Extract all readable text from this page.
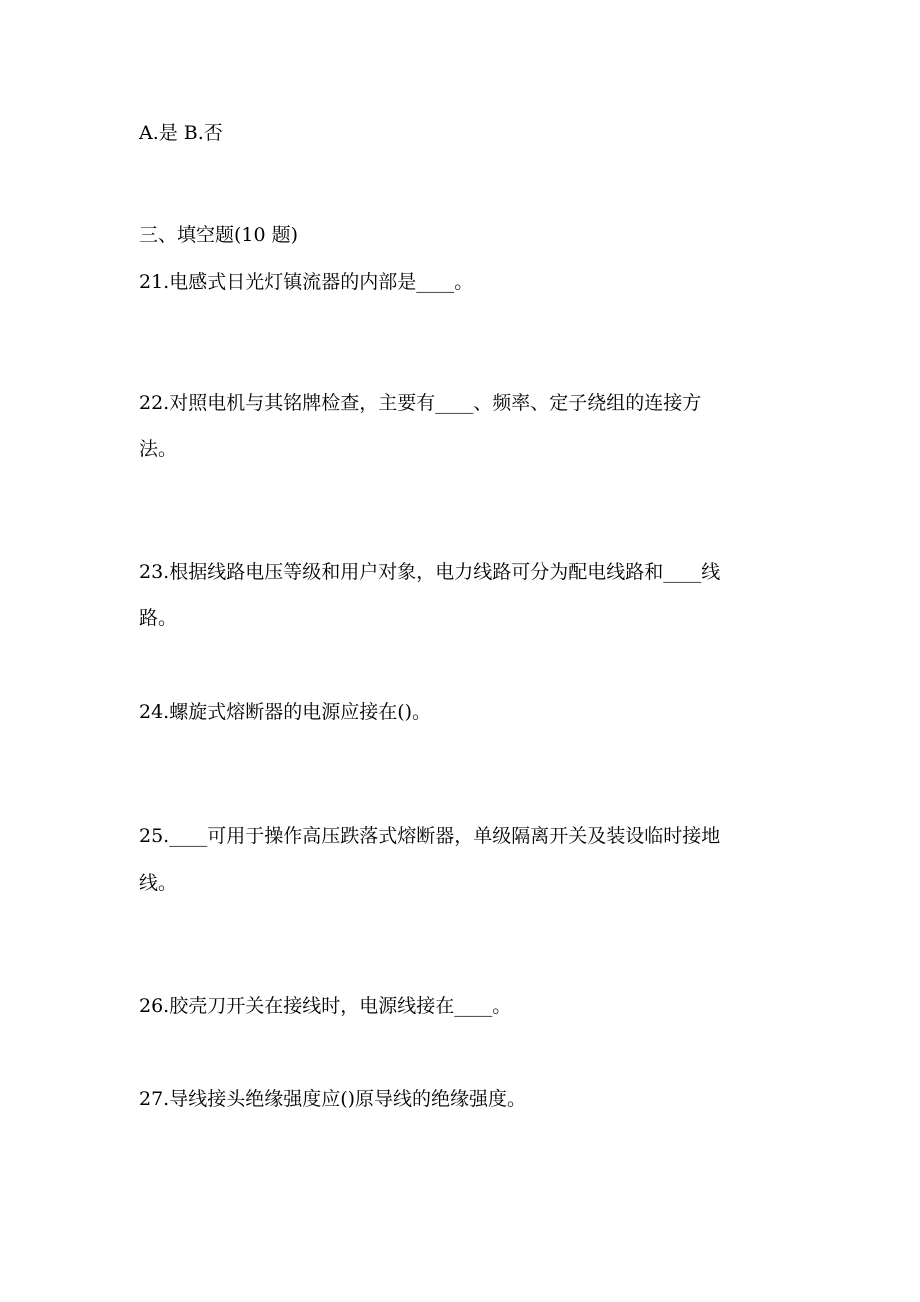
A.是 B.否
三、填空题(10 题)
21.电感式日光灯镇流器的内部是____。
22.对照电机与其铭牌检查，主要有____、频率、定子绕组的连接方
法。
23.根据线路电压等级和用户对象，电力线路可分为配电线路和____线
路。
24.螺旋式熔断器的电源应接在()。
25.____可用于操作高压跌落式熔断器，单级隔离开关及装设临时接地
线。
26.胶壳刀开关在接线时，电源线接在____。
27.导线接头绝缘强度应()原导线的绝缘强度。
